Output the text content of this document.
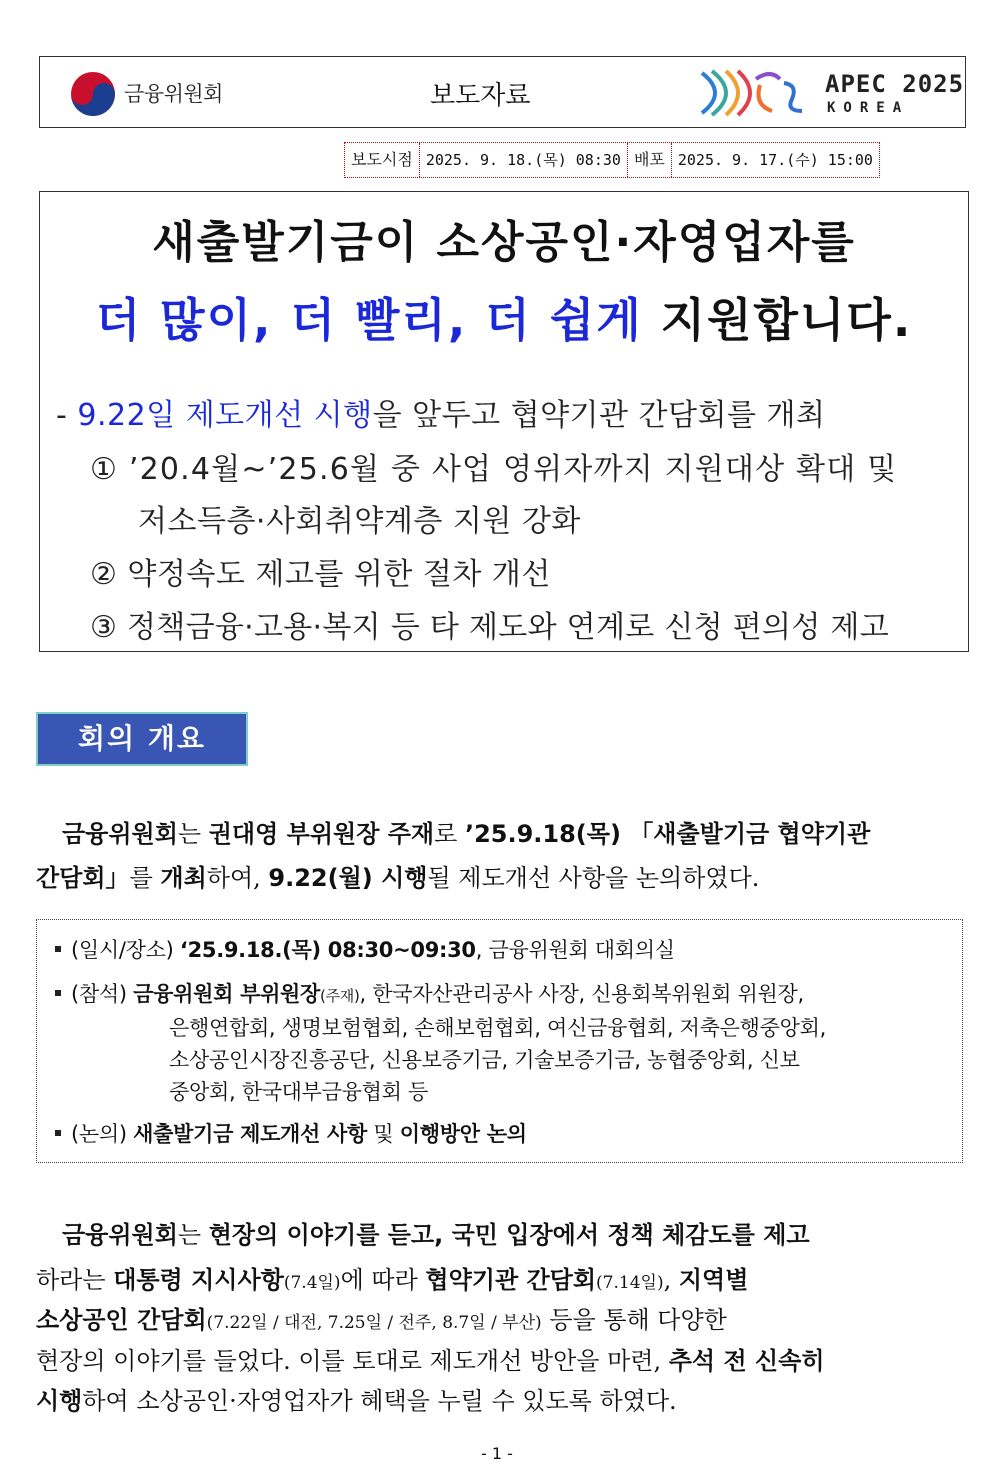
금융위원회	보도자료	APEC 2025
KOREA
보도시점 2025. 9. 18.(목) 08:30 배포 2025. 9. 17.(수) 15:00
새출발기금이 소상공인·자영업자를
더 많이, 더 빨리, 더 쉽게 지원합니다.
- 9.22일 제도개선 시행을 앞두고 협약기관 간담회를 개최
① ’20.4월~’25.6월 중 사업 영위자까지 지원대상 확대 및
저소득층·사회취약계층 지원 강화
② 약정속도 제고를 위한 절차 개선
③ 정책금융·고용·복지 등 타 제도와 연계로 신청 편의성 제고
회의 개요
금융위원회는 권대영 부위원장 주재로 ’25.9.18(목) 「새출발기금 협약기관
간담회」를 개최하여, 9.22(월) 시행될 제도개선 사항을 논의하였다.
(일시/장소) ‘25.9.18.(목) 08:30~09:30, 금융위원회 대회의실
(참석) 금융위원회 부위원장(주재), 한국자산관리공사 사장, 신용회복위원회 위원장,
은행연합회, 생명보험협회, 손해보험협회, 여신금융협회, 저축은행중앙회,
소상공인시장진흥공단, 신용보증기금, 기술보증기금, 농협중앙회, 신보
중앙회, 한국대부금융협회 등
(논의) 새출발기금 제도개선 사항 및 이행방안 논의
금융위원회는 현장의 이야기를 듣고, 국민 입장에서 정책 체감도를 제고
하라는 대통령 지시사항(7.4일)에 따라 협약기관 간담회(7.14일), 지역별
소상공인 간담회(7.22일 / 대전, 7.25일 / 전주, 8.7일 / 부산) 등을 통해 다양한
현장의 이야기를 들었다. 이를 토대로 제도개선 방안을 마련, 추석 전 신속히
시행하여 소상공인·자영업자가 혜택을 누릴 수 있도록 하였다.
- 1 -
